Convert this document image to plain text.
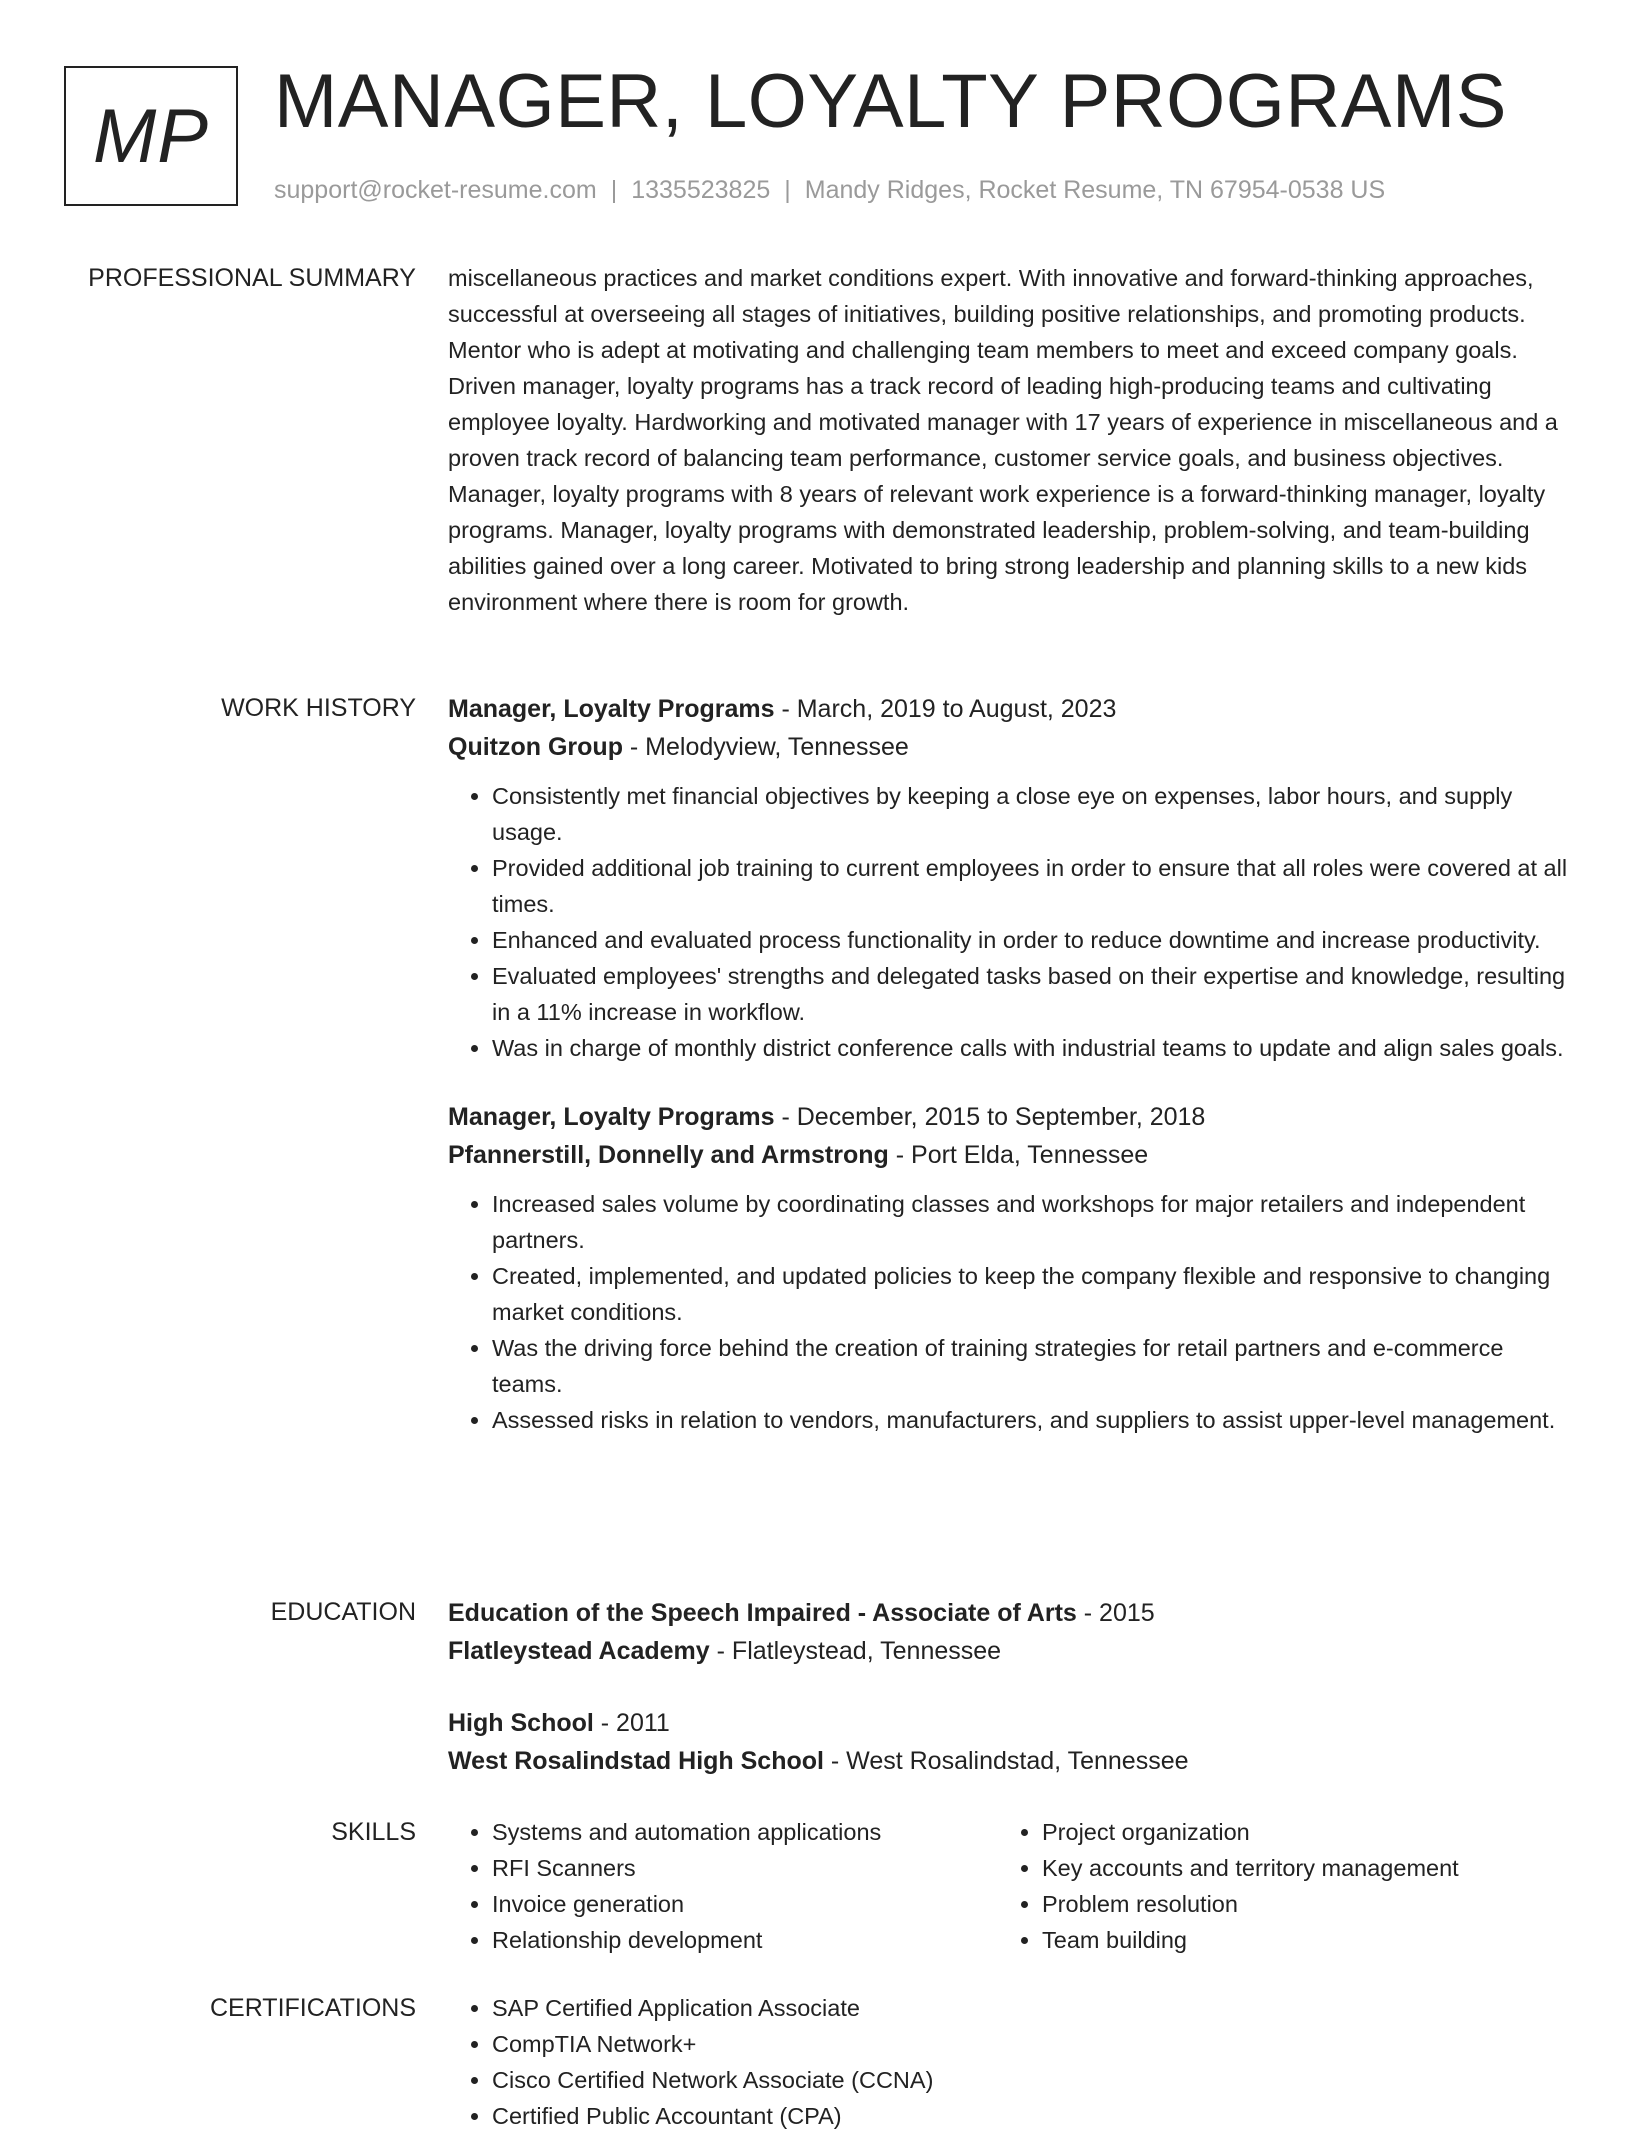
MP MANAGER, LOYALTY PROGRAMS
support@rocket-resume.com | 1335523825 | Mandy Ridges, Rocket Resume, TN 67954-0538 US
PROFESSIONAL SUMMARY miscellaneous practices and market conditions expert. With innovative and forward-thinking approaches, successful at overseeing all stages of initiatives, building positive relationships, and promoting products. Mentor who is adept at motivating and challenging team members to meet and exceed company goals. Driven manager, loyalty programs has a track record of leading high-producing teams and cultivating employee loyalty. Hardworking and motivated manager with 17 years of experience in miscellaneous and a proven track record of balancing team performance, customer service goals, and business objectives. Manager, loyalty programs with 8 years of relevant work experience is a forward-thinking manager, loyalty programs. Manager, loyalty programs with demonstrated leadership, problem-solving, and team-building abilities gained over a long career. Motivated to bring strong leadership and planning skills to a new kids environment where there is room for growth.

WORK HISTORY Manager, Loyalty Programs - March, 2019 to August, 2023
Quitzon Group - Melodyview, Tennessee
• Consistently met financial objectives by keeping a close eye on expenses, labor hours, and supply usage.
• Provided additional job training to current employees in order to ensure that all roles were covered at all times.
• Enhanced and evaluated process functionality in order to reduce downtime and increase productivity.
• Evaluated employees' strengths and delegated tasks based on their expertise and knowledge, resulting in a 11% increase in workflow.
• Was in charge of monthly district conference calls with industrial teams to update and align sales goals.
Manager, Loyalty Programs - December, 2015 to September, 2018
Pfannerstill, Donnelly and Armstrong - Port Elda, Tennessee
• Increased sales volume by coordinating classes and workshops for major retailers and independent partners.
• Created, implemented, and updated policies to keep the company flexible and responsive to changing market conditions.
• Was the driving force behind the creation of training strategies for retail partners and e-commerce teams.
• Assessed risks in relation to vendors, manufacturers, and suppliers to assist upper-level management.
EDUCATION Education of the Speech Impaired - Associate of Arts - 2015
Flatleystead Academy - Flatleystead, Tennessee
High School - 2011
West Rosalindstad High School - West Rosalindstad, Tennessee
SKILLS	• Systems and automation applications
• RFI Scanners
• Invoice generation
• Relationship development
• Project organization
• Key accounts and territory management
• Problem resolution
• Team building
CERTIFICATIONS	• SAP Certified Application Associate
• CompTIA Network+
• Cisco Certified Network Associate (CCNA)
• Certified Public Accountant (CPA)
